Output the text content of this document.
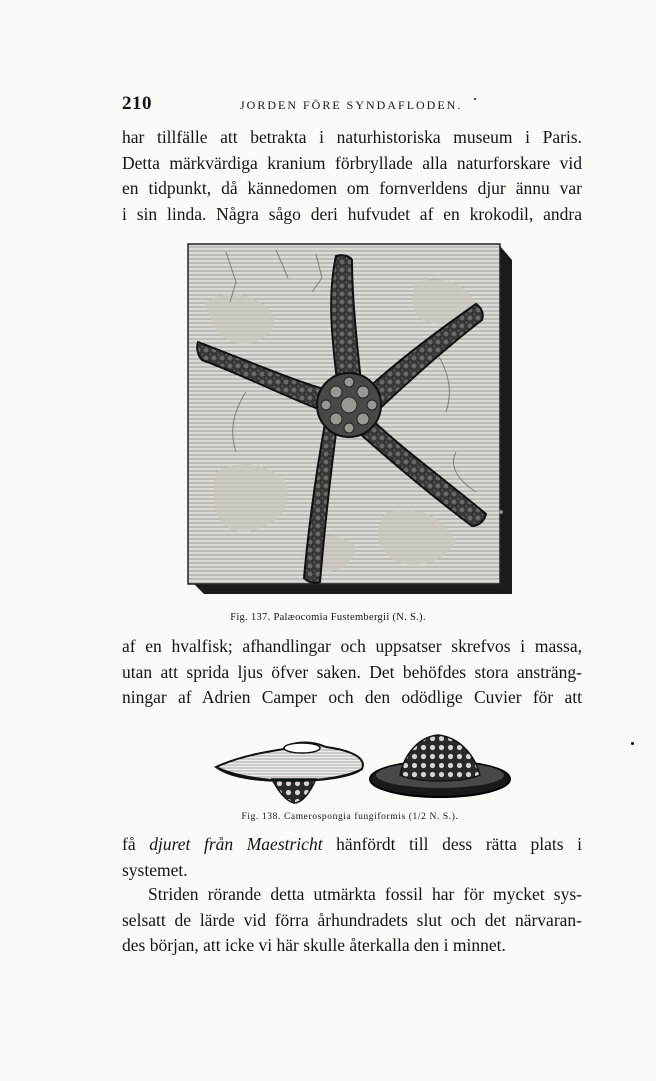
210	JORDEN FÖRE SYNDAFLODEN.
har tillfälle att betrakta i naturhistoriska museum i Paris.
Detta märkvärdiga kranium förbryllade alla naturforskare vid
en tidpunkt, då kännedomen om fornverldens djur ännu var
i sin linda. Några sågo deri hufvudet af en krokodil, andra
Fig. 137. Palæocomia Fustembergii (N. S.).
af en hvalfisk; afhandlingar och uppsatser skrefvos i massa,
utan att sprida ljus öfver saken. Det behöfdes stora ansträng-
ningar af Adrien Camper och den odödlige Cuvier för att
Fig. 138. Camerospongia fungiformis (1/2 N. S.).
få djuret från Maestricht hänfördt till dess rätta plats i
systemet.
Striden rörande detta utmärkta fossil har för mycket sys-
selsatt de lärde vid förra århundradets slut och det närvaran-
des början, att icke vi här skulle återkalla den i minnet.
